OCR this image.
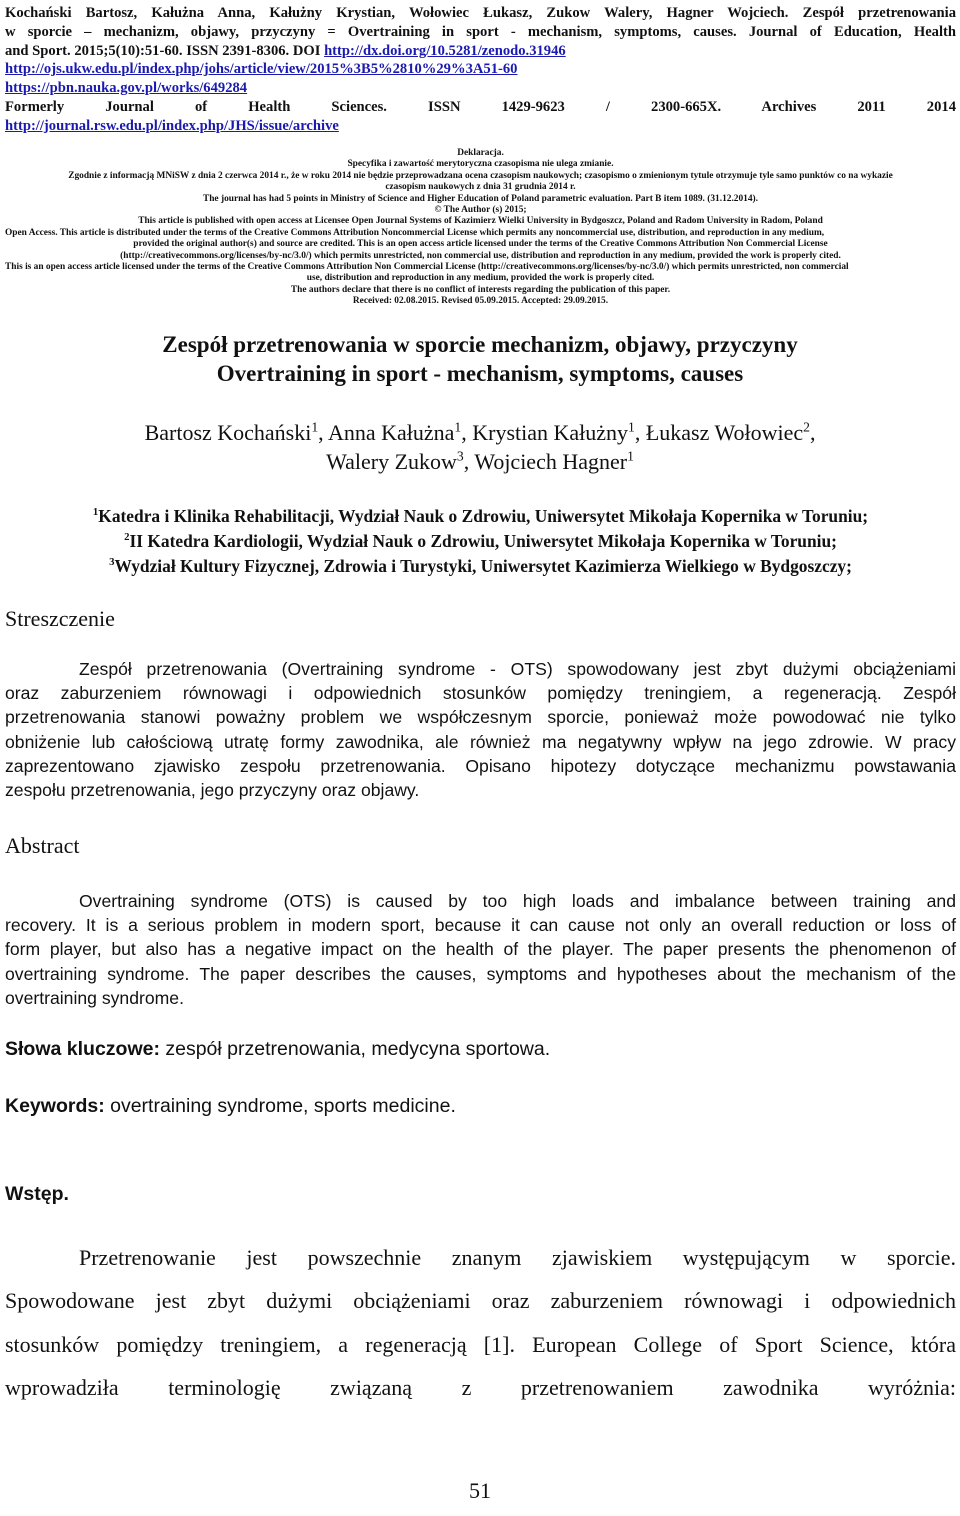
Kochański Bartosz, Kałużna Anna, Kałużny Krystian, Wołowiec Łukasz, Zukow Walery, Hagner Wojciech. Zespół przetrenowania
w sporcie – mechanizm, objawy, przyczyny = Overtraining in sport - mechanism, symptoms, causes. Journal of Education, Health
and Sport. 2015;5(10):51-60. ISSN 2391-8306. DOI http://dx.doi.org/10.5281/zenodo.31946
http://ojs.ukw.edu.pl/index.php/johs/article/view/2015%3B5%2810%29%3A51-60
https://pbn.nauka.gov.pl/works/649284
Formerly Journal of Health Sciences. ISSN 1429-9623 / 2300-665X. Archives 2011 2014
http://journal.rsw.edu.pl/index.php/JHS/issue/archive
Deklaracja.
Specyfika i zawartość merytoryczna czasopisma nie ulega zmianie.
Zgodnie z informacją MNiSW z dnia 2 czerwca 2014 r., że w roku 2014 nie będzie przeprowadzana ocena czasopism naukowych; czasopismo o zmienionym tytule otrzymuje tyle samo punktów co na wykazie
czasopism naukowych z dnia 31 grudnia 2014 r.
The journal has had 5 points in Ministry of Science and Higher Education of Poland parametric evaluation. Part B item 1089. (31.12.2014).
© The Author (s) 2015;
This article is published with open access at Licensee Open Journal Systems of Kazimierz Wielki University in Bydgoszcz, Poland and Radom University in Radom, Poland
Open Access. This article is distributed under the terms of the Creative Commons Attribution Noncommercial License which permits any noncommercial use, distribution, and reproduction in any medium,
provided the original author(s) and source are credited. This is an open access article licensed under the terms of the Creative Commons Attribution Non Commercial License
(http://creativecommons.org/licenses/by-nc/3.0/) which permits unrestricted, non commercial use, distribution and reproduction in any medium, provided the work is properly cited.
This is an open access article licensed under the terms of the Creative Commons Attribution Non Commercial License (http://creativecommons.org/licenses/by-nc/3.0/) which permits unrestricted, non commercial
use, distribution and reproduction in any medium, provided the work is properly cited.
The authors declare that there is no conflict of interests regarding the publication of this paper.
Received: 02.08.2015. Revised 05.09.2015. Accepted: 29.09.2015.
Zespół przetrenowania w sporcie mechanizm, objawy, przyczyny
Overtraining in sport - mechanism, symptoms, causes
Bartosz Kochański$^1$, Anna Kałużna$^1$, Krystian Kałużny$^1$, Łukasz Wołowiec$^2$,
Walery Zukow$^3$, Wojciech Hagner$^1$
$^1$Katedra i Klinika Rehabilitacji, Wydział Nauk o Zdrowiu, Uniwersytet Mikołaja Kopernika w Toruniu;
$^2$II Katedra Kardiologii, Wydział Nauk o Zdrowiu, Uniwersytet Mikołaja Kopernika w Toruniu;
$^3$Wydział Kultury Fizycznej, Zdrowia i Turystyki, Uniwersytet Kazimierza Wielkiego w Bydgoszczy;
Streszczenie
Zespół przetrenowania (Overtraining syndrome - OTS) spowodowany jest zbyt dużymi obciążeniami
oraz zaburzeniem równowagi i odpowiednich stosunków pomiędzy treningiem, a regeneracją. Zespół
przetrenowania stanowi poważny problem we współczesnym sporcie, ponieważ może powodować nie tylko
obniżenie lub całościową utratę formy zawodnika, ale również ma negatywny wpływ na jego zdrowie. W pracy
zaprezentowano zjawisko zespołu przetrenowania. Opisano hipotezy dotyczące mechanizmu powstawania
zespołu przetrenowania, jego przyczyny oraz objawy.
Abstract
Overtraining syndrome (OTS) is caused by too high loads and imbalance between training and
recovery. It is a serious problem in modern sport, because it can cause not only an overall reduction or loss of
form player, but also has a negative impact on the health of the player. The paper presents the phenomenon of
overtraining syndrome. The paper describes the causes, symptoms and hypotheses about the mechanism of the
overtraining syndrome.
Słowa kluczowe: zespół przetrenowania, medycyna sportowa.
Keywords: overtraining syndrome, sports medicine.
Wstęp.
Przetrenowanie jest powszechnie znanym zjawiskiem występującym w sporcie.
Spowodowane jest zbyt dużymi obciążeniami oraz zaburzeniem równowagi i odpowiednich
stosunków pomiędzy treningiem, a regeneracją [1]. European College of Sport Science, która
wprowadziła terminologię związaną z przetrenowaniem zawodnika wyróżnia:
51
